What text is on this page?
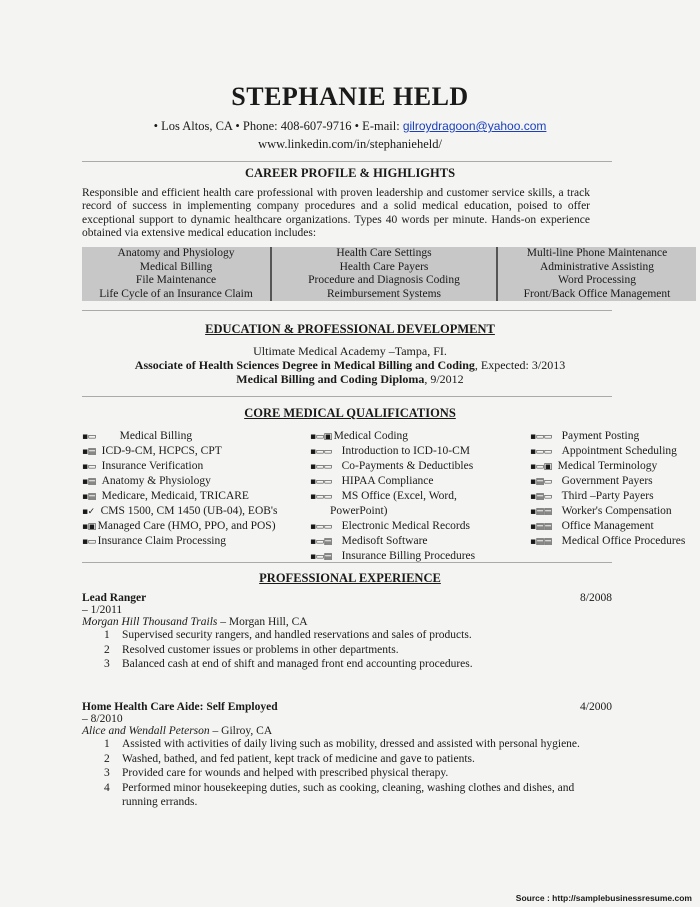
STEPHANIE HELD
• Los Altos, CA • Phone: 408-607-9716 • E-mail: gilroydragoon@yahoo.com
www.linkedin.com/in/stephanieheld/
CAREER PROFILE & HIGHLIGHTS
Responsible and efficient health care professional with proven leadership and customer service skills, a track record of success in implementing company procedures and a solid medical education, poised to offer exceptional support to dynamic healthcare organizations. Types 40 words per minute. Hands-on experience obtained via extensive medical education includes:
Anatomy and Physiology
Medical Billing
File Maintenance
Life Cycle of an Insurance Claim
Health Care Settings
Health Care Payers
Procedure and Diagnosis Coding
Reimbursement Systems
Multi-line Phone Maintenance
Administrative Assisting
Word Processing
Front/Back Office Management
EDUCATION & PROFESSIONAL DEVELOPMENT
Ultimate Medical Academy –Tampa, FI.
Associate of Health Sciences Degree in Medical Billing and Coding, Expected: 3/2013
Medical Billing and Coding Diploma, 9/2012
CORE MEDICAL QUALIFICATIONS
▪▭ Medical Billing
▪▤ ICD-9-CM, HCPCS, CPT
▪▭ Insurance Verification
▪▤ Anatomy & Physiology
▪▤ Medicare, Medicaid, TRICARE
▪✓ CMS 1500, CM 1450 (UB-04), EOB's
▪▣ Managed Care (HMO, PPO, and POS)
▪▭ Insurance Claim Processing
▪▭▣ Medical Coding
▪▭▭ Introduction to ICD-10-CM
▪▭▭ Co-Payments & Deductibles
▪▭▭ HIPAA Compliance
▪▭▭ MS Office (Excel, Word,
PowerPoint)
▪▭▭ Electronic Medical Records
▪▭▤ Medisoft Software
▪▭▤ Insurance Billing Procedures
▪▭▭ Payment Posting
▪▭▭ Appointment Scheduling
▪▭▣ Medical Terminology
▪▤▭ Government Payers
▪▤▭ Third –Party Payers
▪▤▤ Worker's Compensation
▪▤▤ Office Management
▪▤▤ Medical Office Procedures
PROFESSIONAL EXPERIENCE
Lead Ranger	8/2008
– 1/2011
Morgan Hill Thousand Trails – Morgan Hill, CA
1 Supervised security rangers, and handled reservations and sales of products.
2 Resolved customer issues or problems in other departments.
3 Balanced cash at end of shift and managed front end accounting procedures.
Home Health Care Aide: Self Employed	4/2000
– 8/2010
Alice and Wendall Peterson – Gilroy, CA
1 Assisted with activities of daily living such as mobility, dressed and assisted with personal hygiene.
2 Washed, bathed, and fed patient, kept track of medicine and gave to patients.
3 Provided care for wounds and helped with prescribed physical therapy.
4 Performed minor housekeeping duties, such as cooking, cleaning, washing clothes and dishes, and running errands.
Source : http://samplebusinessresume.com
